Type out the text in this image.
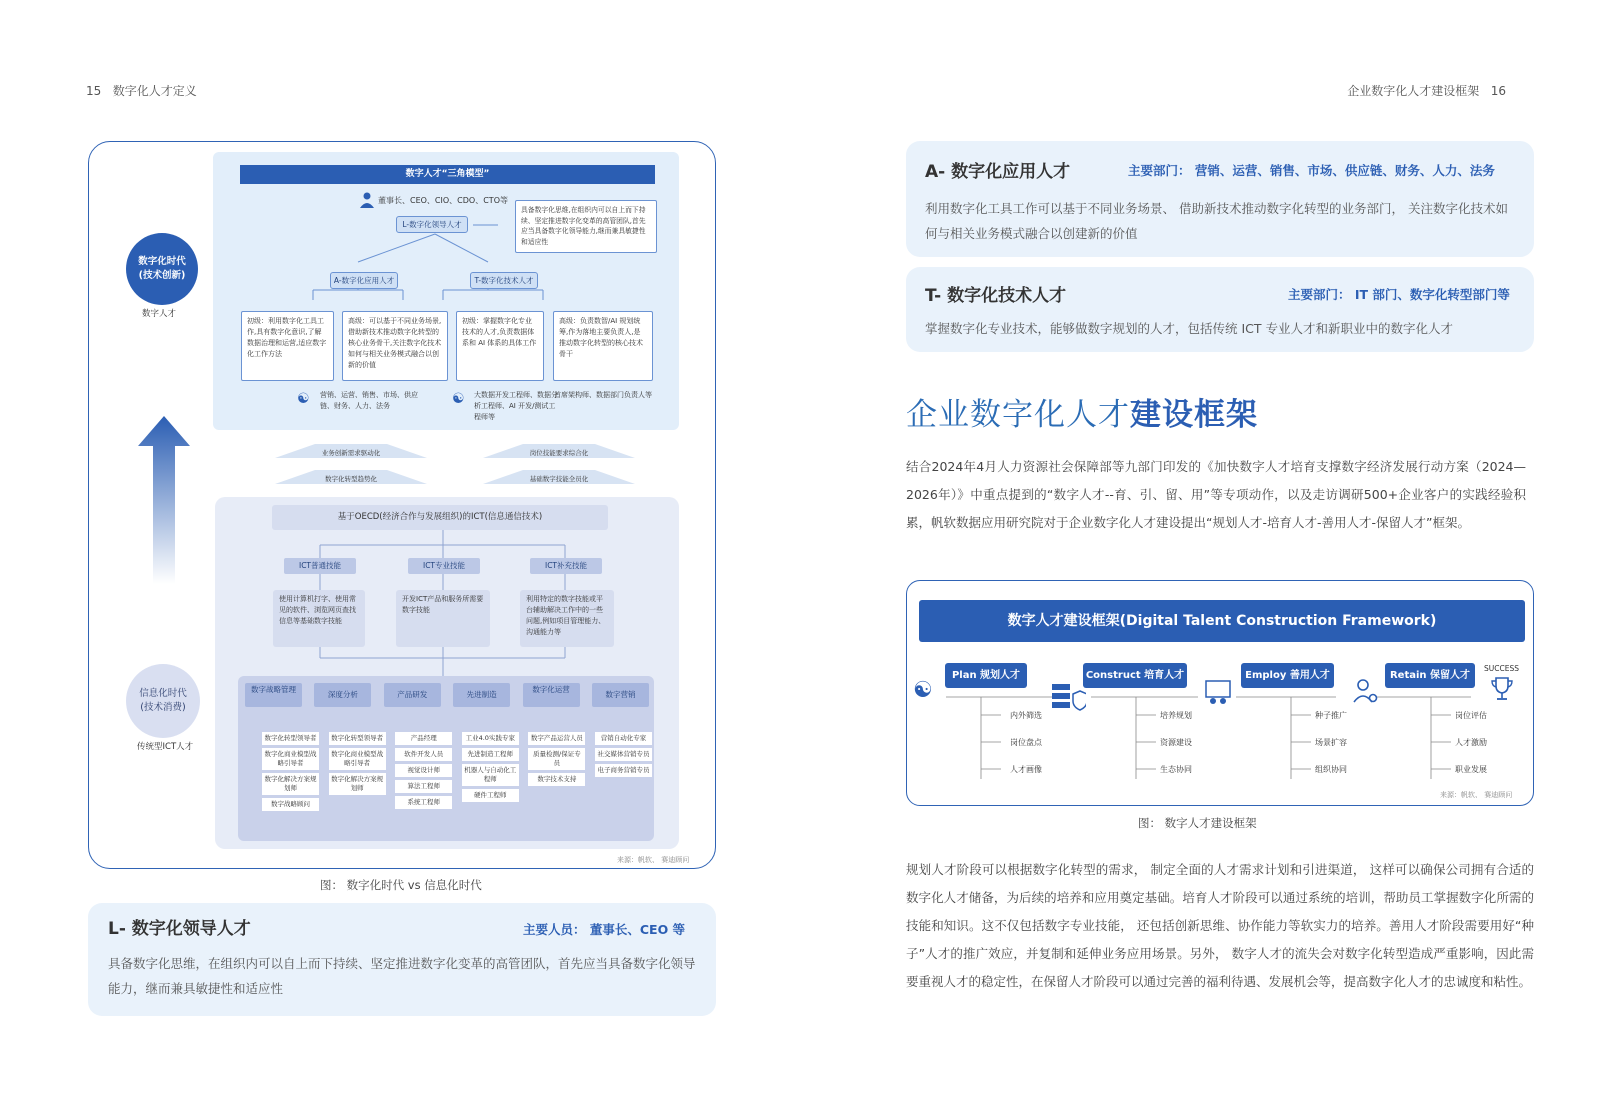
15 数字化人才定义	企业数字化人才建设框架 16
数字人才“三角模型”
董事长、CEO、CIO、CDO、CTO等
L-数字化领导人才
具备数字化思维,在组织内可以自上而下持续、坚定推进数字化变革的高管团队,首先应当具备数字化领导能力,继而兼具敏捷性和适应性
A-数字化应用人才	T-数字化技术人才
初级：利用数字化工具工作,具有数字化意识,了解数据治理和运营,适应数字化工作方法
高级：可以基于不同业务场景,借助新技术推动数字化转型的核心业务骨干,关注数字化技术如何与相关业务模式融合以创新的价值
初级：掌握数字化专业技术的人才,负责数据体系和 AI 体系的具体工作
高级：负责数智/AI 规划统筹,作为落地主要负责人,是推动数字化转型的核心技术骨干
☯ 营销、运营、销售、市场、供应链、财务、人力、法务	☯ 大数据开发工程师、数据分析工程师、AI 开发/测试工程师等
首席架构师、数据部门负责人等
数字化时代
(技术创新)
数字人才
信息化时代
(技术消费)
传统型ICT人才
业务创新需求驱动化
数字化转型趋势化
岗位技能要求综合化
基础数字技能全员化
基于OECD(经济合作与发展组织)的ICT(信息通信技术)
ICT普通技能	ICT专业技能	ICT补充技能
使用计算机打字、使用常见的软件、浏览网页查找信息等基础数字技能
开发ICT产品和服务所需要数字技能
利用特定的数字技能或平台辅助解决工作中的一些问题,例如项目管理能力、沟通能力等
数字战略管理
深度分析	产品研发	先进制造
数字化运营
数字营销
数字化转型领导者
数字化商业模型战略引导者
数字化解决方案规划师
数字战略顾问
数字化转型领导者
数字化商业模型战略引导者
数字化解决方案规划师
产品经理
软件开发人员
视觉设计师
算法工程师
系统工程师
工业4.0实践专家
先进制造工程师
机器人与自动化工程师
硬件工程师
数字产品运营人员
质量检测/保证专员
数字技术支持
营销自动化专家
社交媒体营销专员
电子商务营销专员
来源：帆软、 赛迪顾问
图： 数字化时代 vs 信息化时代
L- 数字化领导人才	主要人员： 董事长、CEO 等
具备数字化思维，在组织内可以自上而下持续、坚定推进数字化变革的高管团队，首先应当具备数字化领导能力，继而兼具敏捷性和适应性
A- 数字化应用人才	主要部门： 营销、运营、销售、市场、供应链、财务、人力、法务
利用数字化工具工作可以基于不同业务场景、 借助新技术推动数字化转型的业务部门， 关注数字化技术如何与相关业务模式融合以创建新的价值
T- 数字化技术人才	主要部门： IT 部门、数字化转型部门等
掌握数字化专业技术，能够做数字规划的人才，包括传统 ICT 专业人才和新职业中的数字化人才
企业数字化人才建设框架
结合2024年4月人力资源社会保障部等九部门印发的《加快数字人才培育支撑数字经济发展行动方案（2024—2026年）》中重点提到的“数字人才--育、引、留、用”等专项动作，以及走访调研500+企业客户的实践经验积累，帆软数据应用研究院对于企业数字化人才建设提出“规划人才-培育人才-善用人才-保留人才”框架。
数字人才建设框架(Digital Talent Construction Framework)
☯
Plan 规划人才
内外筛选
岗位盘点
人才画像
Construct 培育人才
培养规划
资源建设
生态协同
Employ 善用人才
种子推广
场景扩容
组织协同
Retain 保留人才
岗位评估
人才激励
职业发展
SUCCESS
来源：帆软、 赛迪顾问
图： 数字人才建设框架
规划人才阶段可以根据数字化转型的需求， 制定全面的人才需求计划和引进渠道， 这样可以确保公司拥有合适的数字化人才储备，为后续的培养和应用奠定基础。培育人才阶段可以通过系统的培训，帮助员工掌握数字化所需的技能和知识。这不仅包括数字专业技能， 还包括创新思维、协作能力等软实力的培养。善用人才阶段需要用好“种子”人才的推广效应，并复制和延伸业务应用场景。另外， 数字人才的流失会对数字化转型造成严重影响，因此需要重视人才的稳定性，在保留人才阶段可以通过完善的福利待遇、发展机会等，提高数字化人才的忠诚度和粘性。
